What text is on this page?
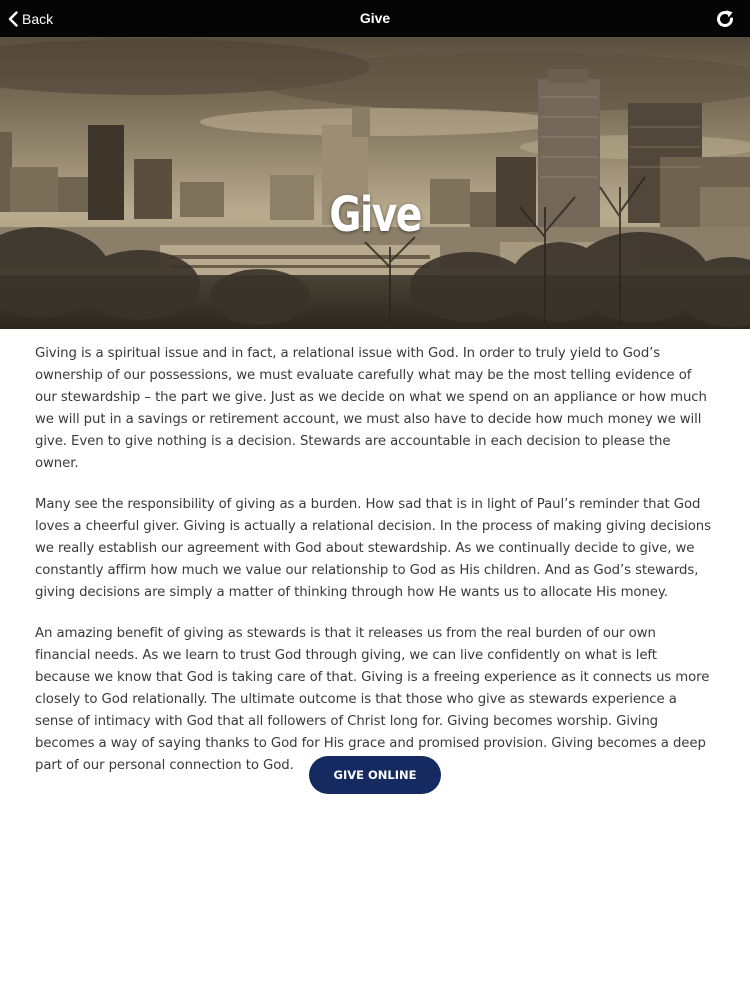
Back	Give
Give

Giving is a spiritual issue and in fact, a relational issue with God. In order to truly yield to God’s ownership of our possessions, we must evaluate carefully what may be the most telling evidence of our stewardship – the part we give. Just as we decide on what we spend on an appliance or how much we will put in a savings or retirement account, we must also have to decide how much money we will give. Even to give nothing is a decision. Stewards are accountable in each decision to please the owner.

Many see the responsibility of giving as a burden. How sad that is in light of Paul’s reminder that God loves a cheerful giver. Giving is actually a relational decision. In the process of making giving decisions we really establish our agreement with God about stewardship. As we continually decide to give, we constantly affirm how much we value our relationship to God as His children. And as God’s stewards, giving decisions are simply a matter of thinking through how He wants us to allocate His money.

An amazing benefit of giving as stewards is that it releases us from the real burden of our own financial needs. As we learn to trust God through giving, we can live confidently on what is left because we know that God is taking care of that. Giving is a freeing experience as it connects us more closely to God relationally. The ultimate outcome is that those who give as stewards experience a sense of intimacy with God that all followers of Christ long for. Giving becomes worship. Giving becomes a way of saying thanks to God for His grace and promised provision. Giving becomes a deep part of our personal connection to God.

GIVE ONLINE
